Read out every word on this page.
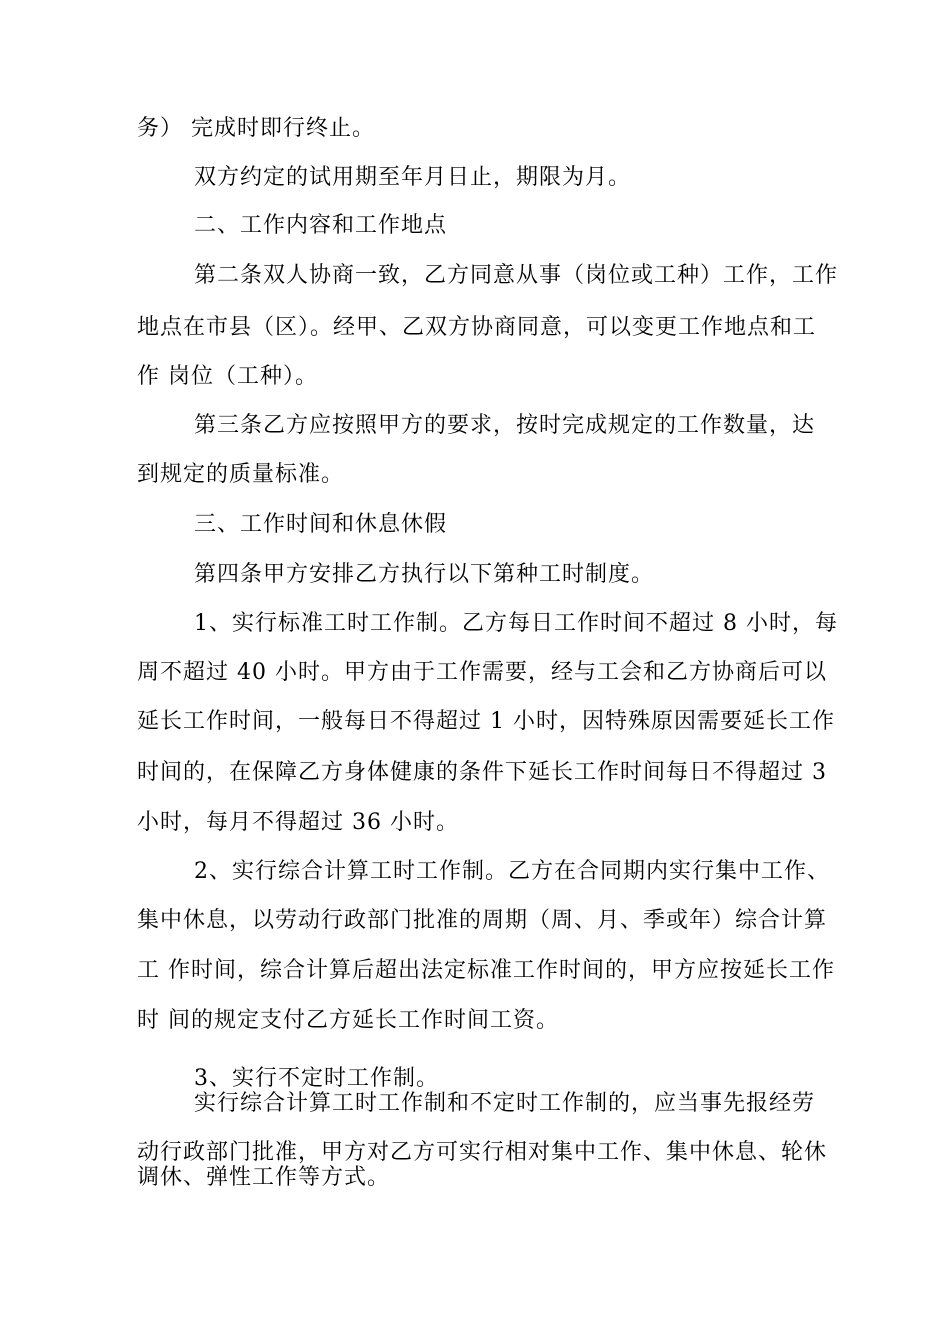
务） 完成时即行终止。
双方约定的试用期至年月日止，期限为月。
二、工作内容和工作地点
第二条双人协商一致，乙方同意从事（岗位或工种）工作，工作
地点在市县（区）。经甲、乙双方协商同意，可以变更工作地点和工
作 岗位（工种）。
第三条乙方应按照甲方的要求，按时完成规定的工作数量，达
到规定的质量标准。
三、工作时间和休息休假
第四条甲方安排乙方执行以下第种工时制度。
1、实行标准工时工作制。乙方每日工作时间不超过 8 小时，每
周不超过 40 小时。甲方由于工作需要，经与工会和乙方协商后可以
延长工作时间，一般每日不得超过 1 小时，因特殊原因需要延长工作
时间的，在保障乙方身体健康的条件下延长工作时间每日不得超过 3
小时，每月不得超过 36 小时。
2、实行综合计算工时工作制。乙方在合同期内实行集中工作、
集中休息，以劳动行政部门批准的周期（周、月、季或年）综合计算
工 作时间，综合计算后超出法定标准工作时间的，甲方应按延长工作
时 间的规定支付乙方延长工作时间工资。
3、实行不定时工作制。
实行综合计算工时工作制和不定时工作制的，应当事先报经劳
动行政部门批准，甲方对乙方可实行相对集中工作、集中休息、轮休
调休、弹性工作等方式。
